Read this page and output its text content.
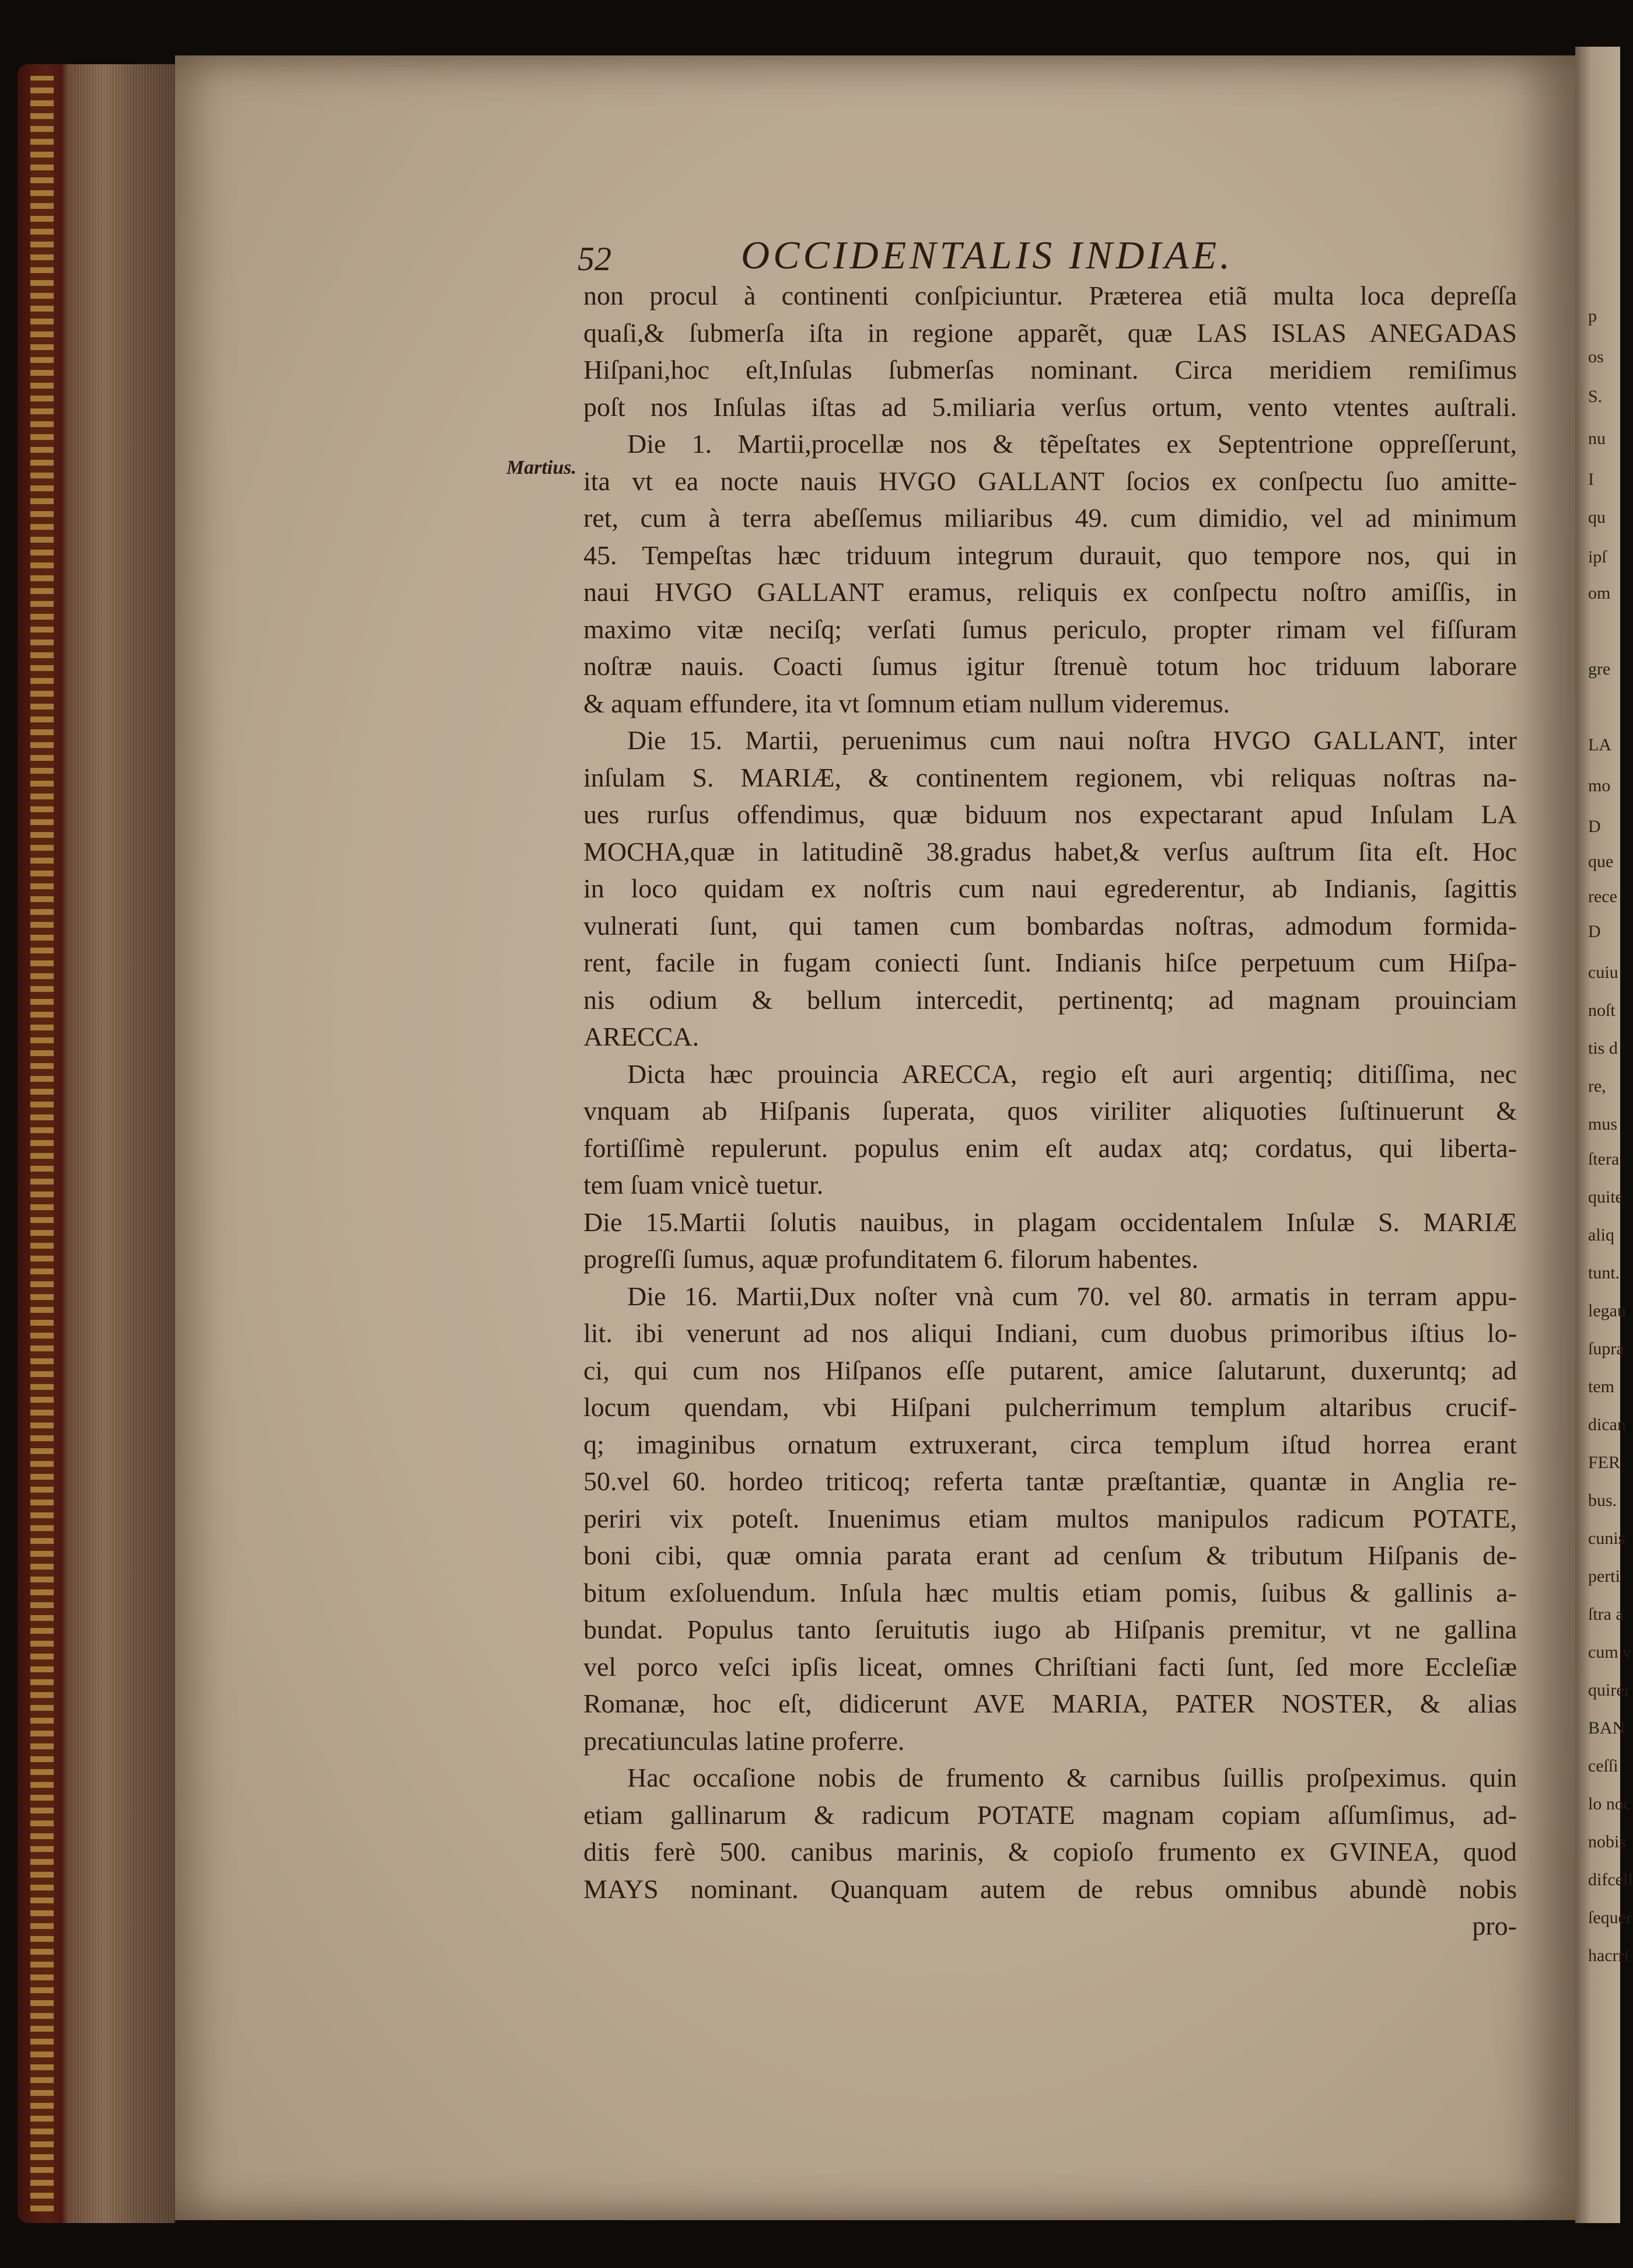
p
os
S.
nu
I
qu
ipſ
om
gre
LA
mo
D
que
rece
D
cuiu
noſt
tis d
re,
mus
ſtera
quite
aliq
tunt.
legau
ſupra
tem
dican
FER
bus.
cunis
perti
ſtra a
cum v
quirer
BAN
ceſſi
lo noc
nobis
difcell
ſequer
hacrri
52	OCCIDENTALIS INDIAE.
Martius.
non procul à continenti conſpiciuntur. Præterea etiã multa loca depreſſa
quaſi,& ſubmerſa iſta in regione apparẽt, quæ LAS ISLAS ANEGADAS
Hiſpani,hoc eſt,Inſulas ſubmerſas nominant. Circa meridiem remiſimus
poſt nos Inſulas iſtas ad 5.miliaria verſus ortum, vento vtentes auſtrali.
Die 1. Martii,procellæ nos & tẽpeſtates ex Septentrione oppreſſerunt,
ita vt ea nocte nauis HVGO GALLANT ſocios ex conſpectu ſuo amitte-
ret, cum à terra abeſſemus miliaribus 49. cum dimidio, vel ad minimum
45. Tempeſtas hæc triduum integrum durauit, quo tempore nos, qui in
naui HVGO GALLANT eramus, reliquis ex conſpectu noſtro amiſſis, in
maximo vitæ neciſq; verſati ſumus periculo, propter rimam vel fiſſuram
noſtræ nauis. Coacti ſumus igitur ſtrenuè totum hoc triduum laborare
& aquam effundere, ita vt ſomnum etiam nullum videremus.
Die 15. Martii, peruenimus cum naui noſtra HVGO GALLANT, inter
inſulam S. MARIÆ, & continentem regionem, vbi reliquas noſtras na-
ues rurſus offendimus, quæ biduum nos expectarant apud Inſulam LA
MOCHA,quæ in latitudinẽ 38.gradus habet,& verſus auſtrum ſita eſt. Hoc
in loco quidam ex noſtris cum naui egrederentur, ab Indianis, ſagittis
vulnerati ſunt, qui tamen cum bombardas noſtras, admodum formida-
rent, facile in fugam coniecti ſunt. Indianis hiſce perpetuum cum Hiſpa-
nis odium & bellum intercedit, pertinentq; ad magnam prouinciam
ARECCA.
Dicta hæc prouincia ARECCA, regio eſt auri argentiq; ditiſſima, nec
vnquam ab Hiſpanis ſuperata, quos viriliter aliquoties ſuſtinuerunt &
fortiſſimè repulerunt. populus enim eſt audax atq; cordatus, qui liberta-
tem ſuam vnicè tuetur.
Die 15.Martii ſolutis nauibus, in plagam occidentalem Inſulæ S. MARIÆ
progreſſi ſumus, aquæ profunditatem 6. filorum habentes.
Die 16. Martii,Dux noſter vnà cum 70. vel 80. armatis in terram appu-
lit. ibi venerunt ad nos aliqui Indiani, cum duobus primoribus iſtius lo-
ci, qui cum nos Hiſpanos eſſe putarent, amice ſalutarunt, duxeruntq; ad
locum quendam, vbi Hiſpani pulcherrimum templum altaribus crucif-
q; imaginibus ornatum extruxerant, circa templum iſtud horrea erant
50.vel 60. hordeo triticoq; referta tantæ præſtantiæ, quantæ in Anglia re-
periri vix poteſt. Inuenimus etiam multos manipulos radicum POTATE,
boni cibi, quæ omnia parata erant ad cenſum & tributum Hiſpanis de-
bitum exſoluendum. Inſula hæc multis etiam pomis, ſuibus & gallinis a-
bundat. Populus tanto ſeruitutis iugo ab Hiſpanis premitur, vt ne gallina
vel porco veſci ipſis liceat, omnes Chriſtiani facti ſunt, ſed more Eccleſiæ
Romanæ, hoc eſt, didicerunt AVE MARIA, PATER NOSTER, & alias
precatiunculas latine proferre.
Hac occaſione nobis de frumento & carnibus ſuillis proſpeximus. quin
etiam gallinarum & radicum POTATE magnam copiam aſſumſimus, ad-
ditis ferè 500. canibus marinis, & copioſo frumento ex GVINEA, quod
MAYS nominant. Quanquam autem de rebus omnibus abundè nobis
pro-
